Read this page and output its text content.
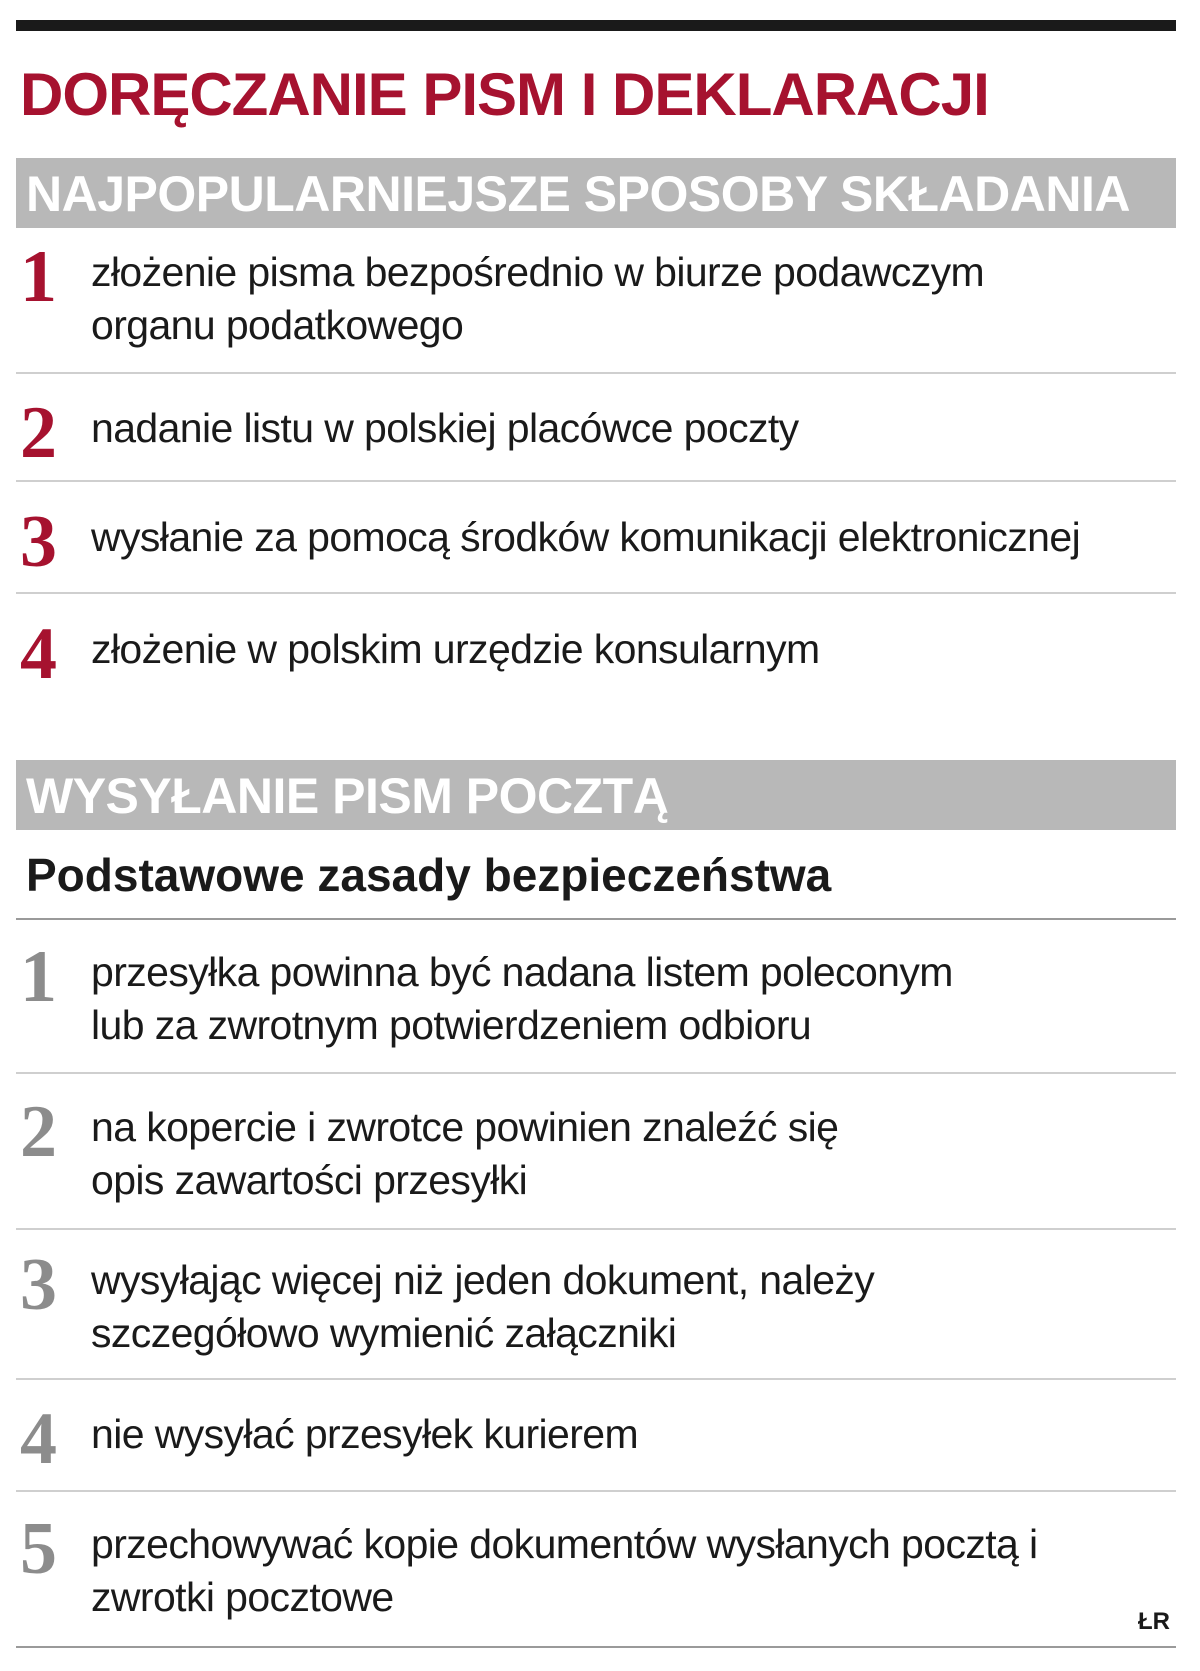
DORĘCZANIE PISM I DEKLARACJI
NAJPOPULARNIEJSZE SPOSOBY SKŁADANIA
1 złożenie pisma bezpośrednio w biurze podawczym organu podatkowego

2 nadanie listu w polskiej placówce poczty

3 wysłanie za pomocą środków komunikacji elektronicznej

4 złożenie w polskim urzędzie konsularnym

WYSYŁANIE PISM POCZTĄ
Podstawowe zasady bezpieczeństwa
1 przesyłka powinna być nadana listem poleconym lub za zwrotnym potwierdzeniem odbioru

2 na kopercie i zwrotce powinien znaleźć się opis zawartości przesyłki

3 wysyłając więcej niż jeden dokument, należy szczegółowo wymienić załączniki

4 nie wysyłać przesyłek kurierem

5 przechowywać kopie dokumentów wysłanych pocztą i zwrotki pocztowe

ŁR
